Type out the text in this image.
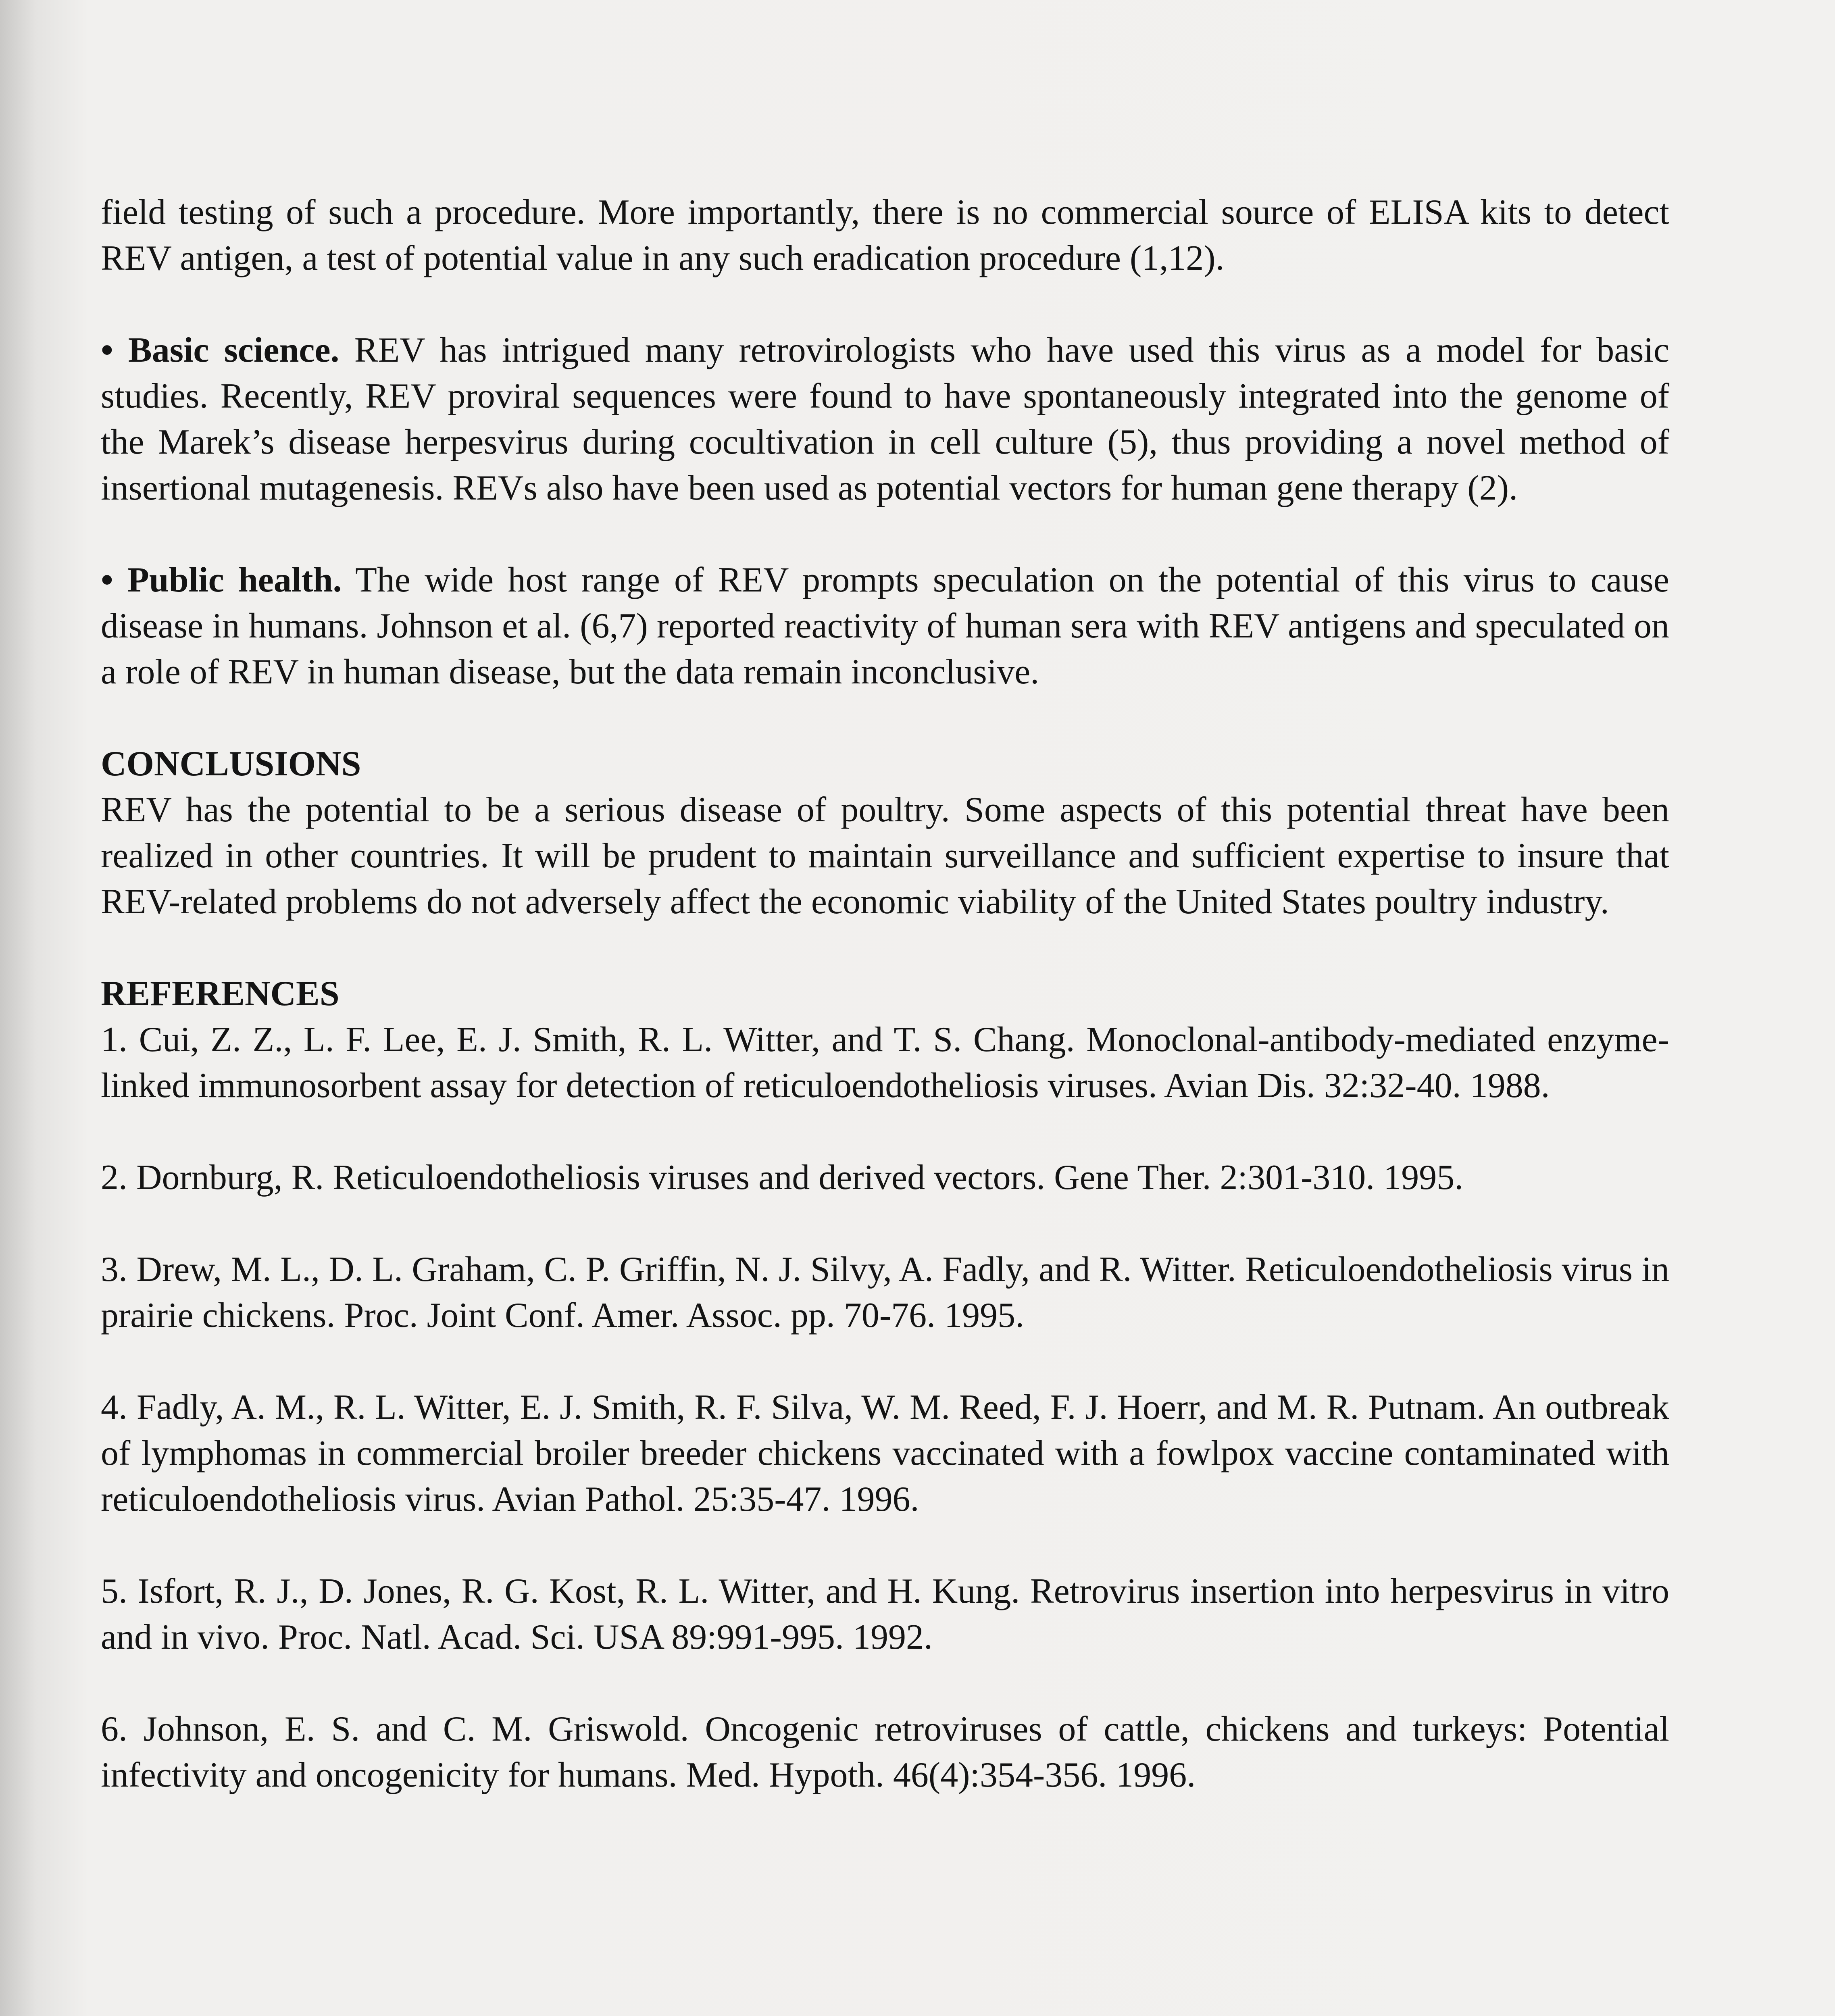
field testing of such a procedure. More importantly, there is no commercial source of ELISA kits to detect REV antigen, a test of potential value in any such eradication procedure (1,12).

• Basic science. REV has intrigued many retrovirologists who have used this virus as a model for basic studies. Recently, REV proviral sequences were found to have spontaneously integrated into the genome of the Marek’s disease herpesvirus during cocultivation in cell culture (5), thus providing a novel method of insertional mutagenesis. REVs also have been used as potential vectors for human gene therapy (2).

• Public health. The wide host range of REV prompts speculation on the potential of this virus to cause disease in humans. Johnson et al. (6,7) reported reactivity of human sera with REV antigens and speculated on a role of REV in human disease, but the data remain inconclusive.

CONCLUSIONS

REV has the potential to be a serious disease of poultry. Some aspects of this potential threat have been realized in other countries. It will be prudent to maintain surveillance and sufficient expertise to insure that REV-related problems do not adversely affect the economic viability of the United States poultry industry.

REFERENCES

1. Cui, Z. Z., L. F. Lee, E. J. Smith, R. L. Witter, and T. S. Chang. Monoclonal-antibody-mediated enzyme-linked immunosorbent assay for detection of reticuloendotheliosis viruses. Avian Dis. 32:32-40. 1988.

2. Dornburg, R. Reticuloendotheliosis viruses and derived vectors. Gene Ther. 2:301-310. 1995.

3. Drew, M. L., D. L. Graham, C. P. Griffin, N. J. Silvy, A. Fadly, and R. Witter. Reticuloendotheliosis virus in prairie chickens. Proc. Joint Conf. Amer. Assoc. pp. 70-76. 1995.

4. Fadly, A. M., R. L. Witter, E. J. Smith, R. F. Silva, W. M. Reed, F. J. Hoerr, and M. R. Putnam. An outbreak of lymphomas in commercial broiler breeder chickens vaccinated with a fowlpox vaccine contaminated with reticuloendotheliosis virus. Avian Pathol. 25:35-47. 1996.

5. Isfort, R. J., D. Jones, R. G. Kost, R. L. Witter, and H. Kung. Retrovirus insertion into herpesvirus in vitro and in vivo. Proc. Natl. Acad. Sci. USA 89:991-995. 1992.

6. Johnson, E. S. and C. M. Griswold. Oncogenic retroviruses of cattle, chickens and turkeys: Potential infectivity and oncogenicity for humans. Med. Hypoth. 46(4):354-356. 1996.
